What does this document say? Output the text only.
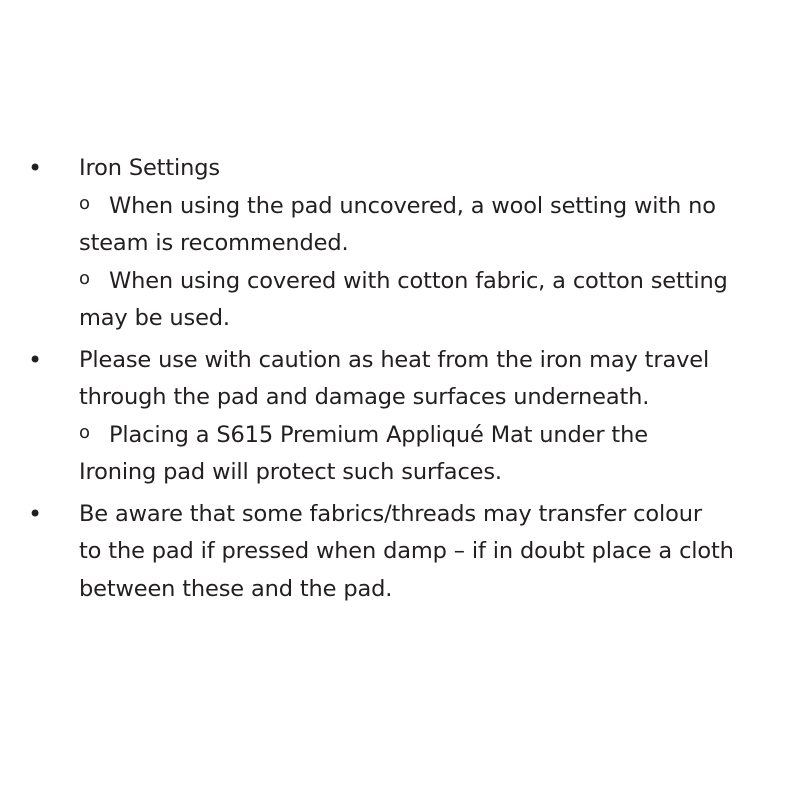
• Iron Settings
o When using the pad uncovered, a wool setting with no
steam is recommended.
o When using covered with cotton fabric, a cotton setting
may be used.
• Please use with caution as heat from the iron may travel
through the pad and damage surfaces underneath.
o Placing a S615 Premium Appliqué Mat under the
Ironing pad will protect such surfaces.
• Be aware that some fabrics/threads may transfer colour
to the pad if pressed when damp – if in doubt place a cloth
between these and the pad.
